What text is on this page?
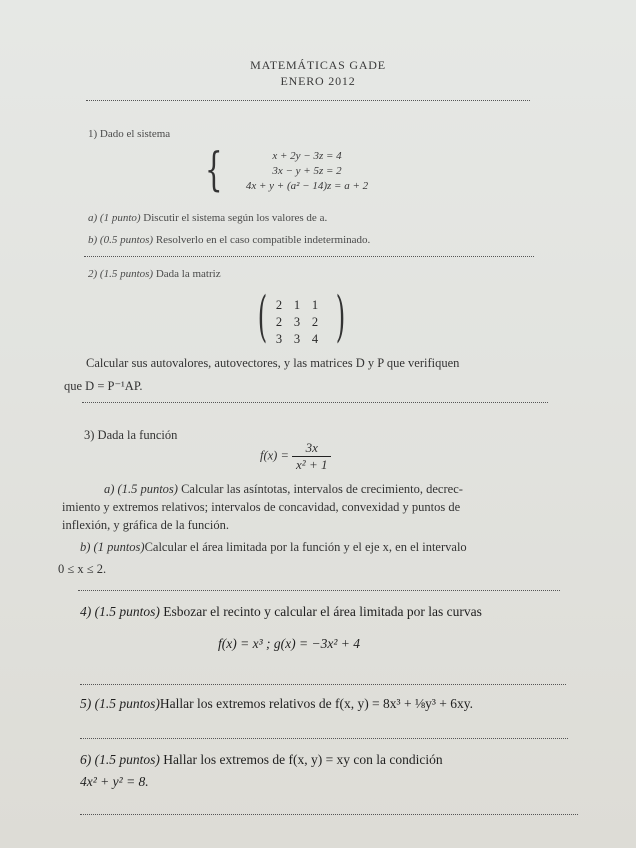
MATEMÁTICAS GADE
ENERO 2012
1) Dado el sistema
{	x + 2y − 3z = 4
3x − y + 5z = 2
4x + y + (a² − 14)z = a + 2
a) (1 punto) Discutir el sistema según los valores de a.
b) (0.5 puntos) Resolverlo en el caso compatible indeterminado.
2) (1.5 puntos) Dada la matriz
( 2 1 1
2 3 2
3 3 4 )
Calcular sus autovalores, autovectores, y las matrices D y P que verifiquen
que D = P⁻¹AP.
3) Dada la función
$f(x) = \frac{3x}{\text{x² + 1}}$
a) (1.5 puntos) Calcular las asíntotas, intervalos de crecimiento, decrec-
imiento y extremos relativos; intervalos de concavidad, convexidad y puntos de
inflexión, y gráfica de la función.
b) (1 puntos)Calcular el área limitada por la función y el eje x, en el intervalo
0 ≤ x ≤ 2.
4) (1.5 puntos) Esbozar el recinto y calcular el área limitada por las curvas
f(x) = x³ ; g(x) = −3x² + 4
5) (1.5 puntos)Hallar los extremos relativos de f(x, y) = 8x³ + ⅛y³ + 6xy.
6) (1.5 puntos) Hallar los extremos de f(x, y) = xy con la condición
4x² + y² = 8.
